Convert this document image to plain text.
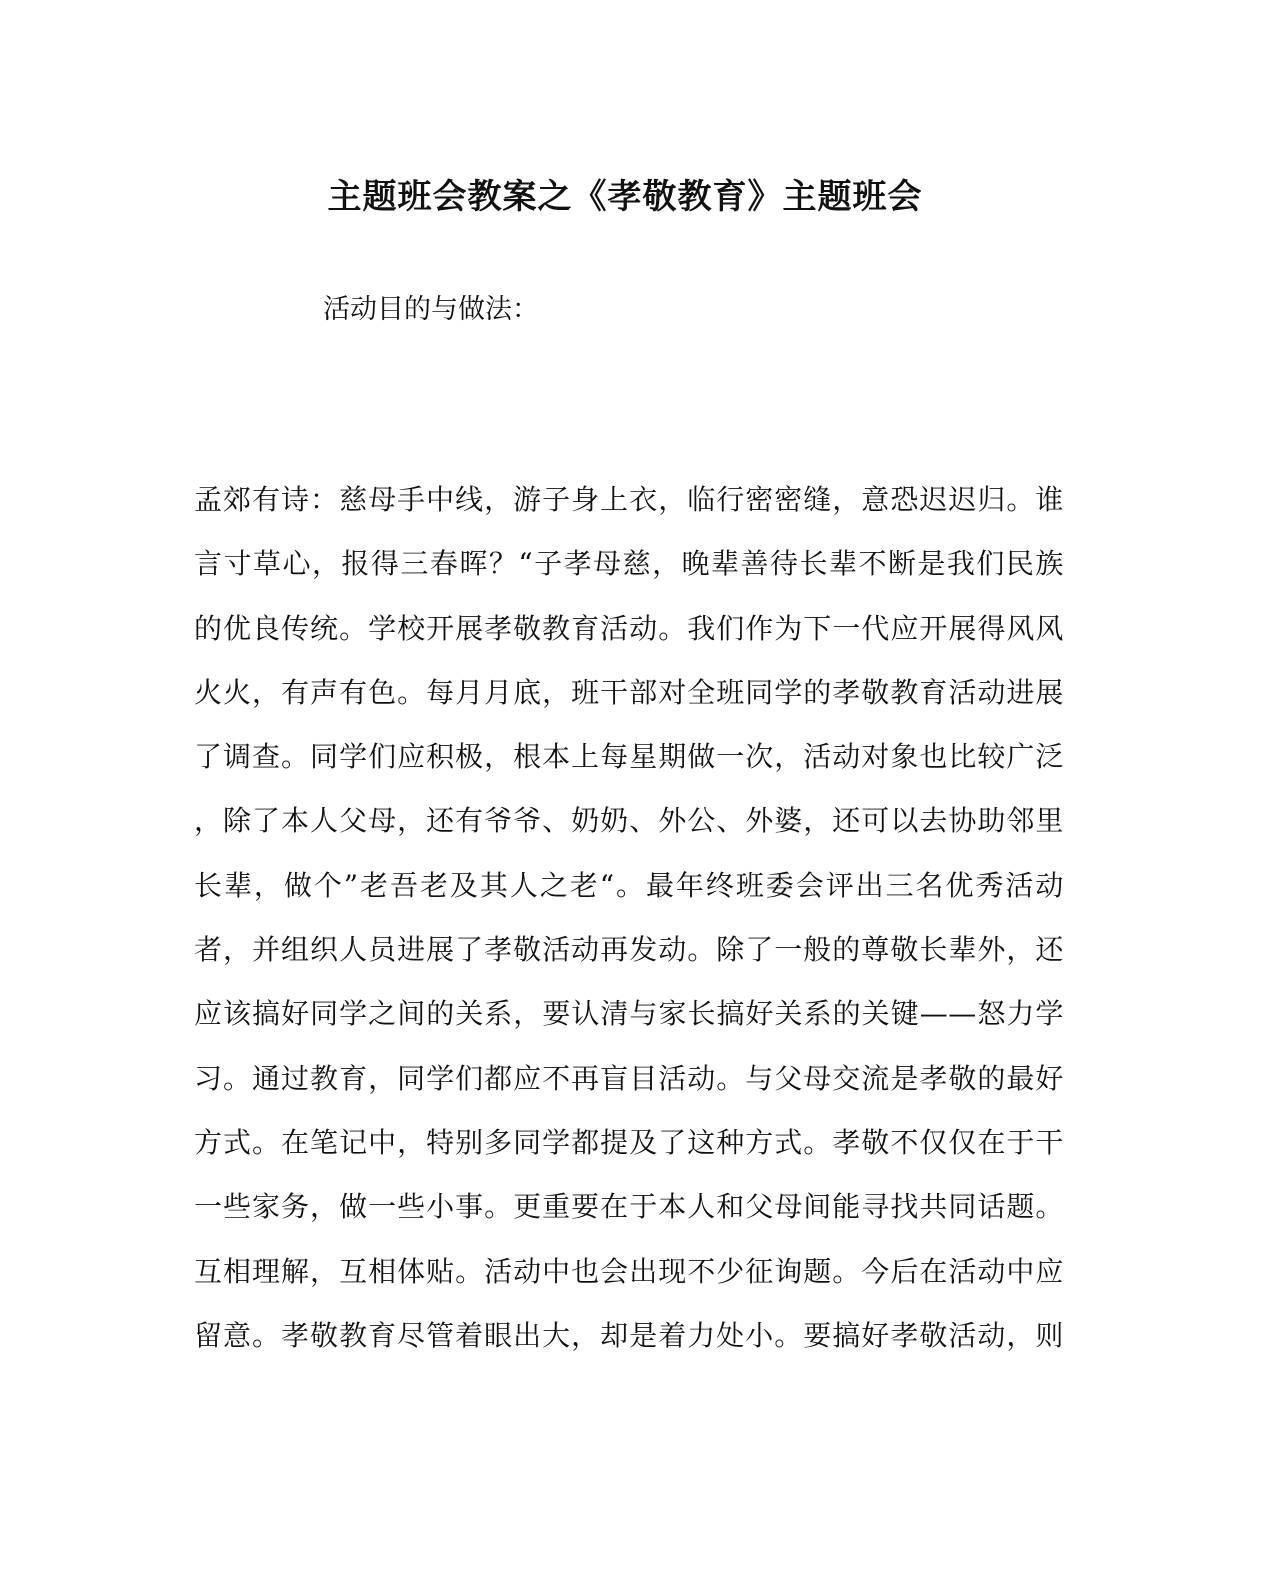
主题班会教案之《孝敬教育》主题班会

活动目的与做法：

孟郊有诗：慈母手中线，游子身上衣，临行密密缝，意恐迟迟归。谁
言寸草心，报得三春晖？“子孝母慈，晚辈善待长辈不断是我们民族
的优良传统。学校开展孝敬教育活动。我们作为下一代应开展得风风
火火，有声有色。每月月底，班干部对全班同学的孝敬教育活动进展
了调查。同学们应积极，根本上每星期做一次，活动对象也比较广泛
，除了本人父母，还有爷爷、奶奶、外公、外婆，还可以去协助邻里
长辈，做个”老吾老及其人之老“。最年终班委会评出三名优秀活动
者，并组织人员进展了孝敬活动再发动。除了一般的尊敬长辈外，还
应该搞好同学之间的关系，要认清与家长搞好关系的关键——怒力学
习。通过教育，同学们都应不再盲目活动。与父母交流是孝敬的最好
方式。在笔记中，特别多同学都提及了这种方式。孝敬不仅仅在于干
一些家务，做一些小事。更重要在于本人和父母间能寻找共同话题。
互相理解，互相体贴。活动中也会出现不少征询题。今后在活动中应
留意。孝敬教育尽管着眼出大，却是着力处小。要搞好孝敬活动，则
